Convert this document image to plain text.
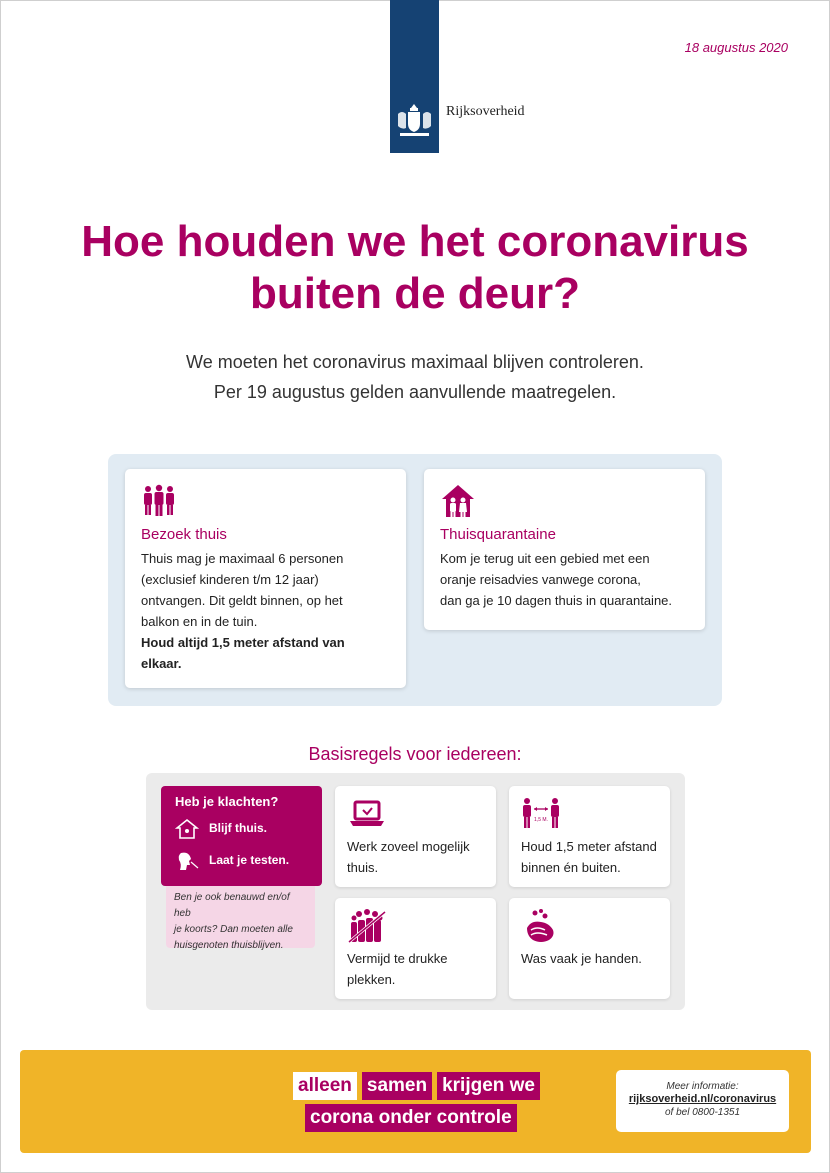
Rijksoverheid
18 augustus 2020
Hoe houden we het coronavirus
buiten de deur?
We moeten het coronavirus maximaal blijven controleren.
Per 19 augustus gelden aanvullende maatregelen.
Bezoek thuis
Thuis mag je maximaal 6 personen
(exclusief kinderen t/m 12 jaar)
ontvangen. Dit geldt binnen, op het
balkon en in de tuin.
Houd altijd 1,5 meter afstand van
elkaar.
Thuisquarantaine
Kom je terug uit een gebied met een
oranje reisadvies vanwege corona,
dan ga je 10 dagen thuis in quarantaine.
Basisregels voor iedereen:
Heb je klachten?
Blijf thuis.
Laat je testen.
Ben je ook benauwd en/of heb
je koorts? Dan moeten alle
huisgenoten thuisblijven.
Werk zoveel mogelijk
thuis.
1,5 M.
Houd 1,5 meter afstand
binnen én buiten.
Vermijd te drukke
plekken.
Was vaak je handen.
alleen samen krijgen we
corona onder controle
Meer informatie:
rijksoverheid.nl/coronavirus
of bel 0800-1351
